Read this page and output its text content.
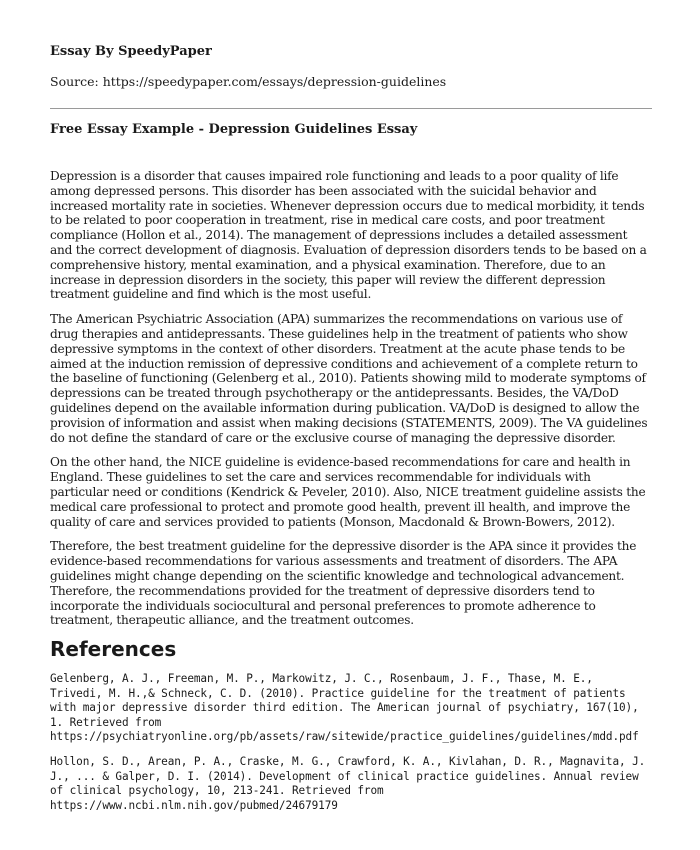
Essay By SpeedyPaper
Source: https://speedypaper.com/essays/depression-guidelines
Free Essay Example - Depression Guidelines Essay

Depression is a disorder that causes impaired role functioning and leads to a poor quality of life among depressed persons. This disorder has been associated with the suicidal behavior and increased mortality rate in societies. Whenever depression occurs due to medical morbidity, it tends to be related to poor cooperation in treatment, rise in medical care costs, and poor treatment compliance (Hollon et al., 2014). The management of depressions includes a detailed assessment and the correct development of diagnosis. Evaluation of depression disorders tends to be based on a comprehensive history, mental examination, and a physical examination. Therefore, due to an increase in depression disorders in the society, this paper will review the different depression treatment guideline and find which is the most useful.

The American Psychiatric Association (APA) summarizes the recommendations on various use of drug therapies and antidepressants. These guidelines help in the treatment of patients who show depressive symptoms in the context of other disorders. Treatment at the acute phase tends to be aimed at the induction remission of depressive conditions and achievement of a complete return to the baseline of functioning (Gelenberg et al., 2010). Patients showing mild to moderate symptoms of depressions can be treated through psychotherapy or the antidepressants. Besides, the VA/DoD guidelines depend on the available information during publication. VA/DoD is designed to allow the provision of information and assist when making decisions (STATEMENTS, 2009). The VA guidelines do not define the standard of care or the exclusive course of managing the depressive disorder.

On the other hand, the NICE guideline is evidence-based recommendations for care and health in England. These guidelines to set the care and services recommendable for individuals with particular need or conditions (Kendrick & Peveler, 2010). Also, NICE treatment guideline assists the medical care professional to protect and promote good health, prevent ill health, and improve the quality of care and services provided to patients (Monson, Macdonald & Brown-Bowers, 2012).

Therefore, the best treatment guideline for the depressive disorder is the APA since it provides the evidence-based recommendations for various assessments and treatment of disorders. The APA guidelines might change depending on the scientific knowledge and technological advancement. Therefore, the recommendations provided for the treatment of depressive disorders tend to incorporate the individuals sociocultural and personal preferences to promote adherence to treatment, therapeutic alliance, and the treatment outcomes.

References
Gelenberg, A. J., Freeman, M. P., Markowitz, J. C., Rosenbaum, J. F., Thase, M. E., Trivedi, M. H.,& Schneck, C. D. (2010). Practice guideline for the treatment of patients with major depressive disorder third edition. The American journal of psychiatry, 167(10), 1. Retrieved from https://psychiatryonline.org/pb/assets/raw/sitewide/practice_guidelines/guidelines/mdd.pdf
Hollon, S. D., Arean, P. A., Craske, M. G., Crawford, K. A., Kivlahan, D. R., Magnavita, J. J., ... & Galper, D. I. (2014). Development of clinical practice guidelines. Annual review of clinical psychology, 10, 213-241. Retrieved from https://www.ncbi.nlm.nih.gov/pubmed/24679179
